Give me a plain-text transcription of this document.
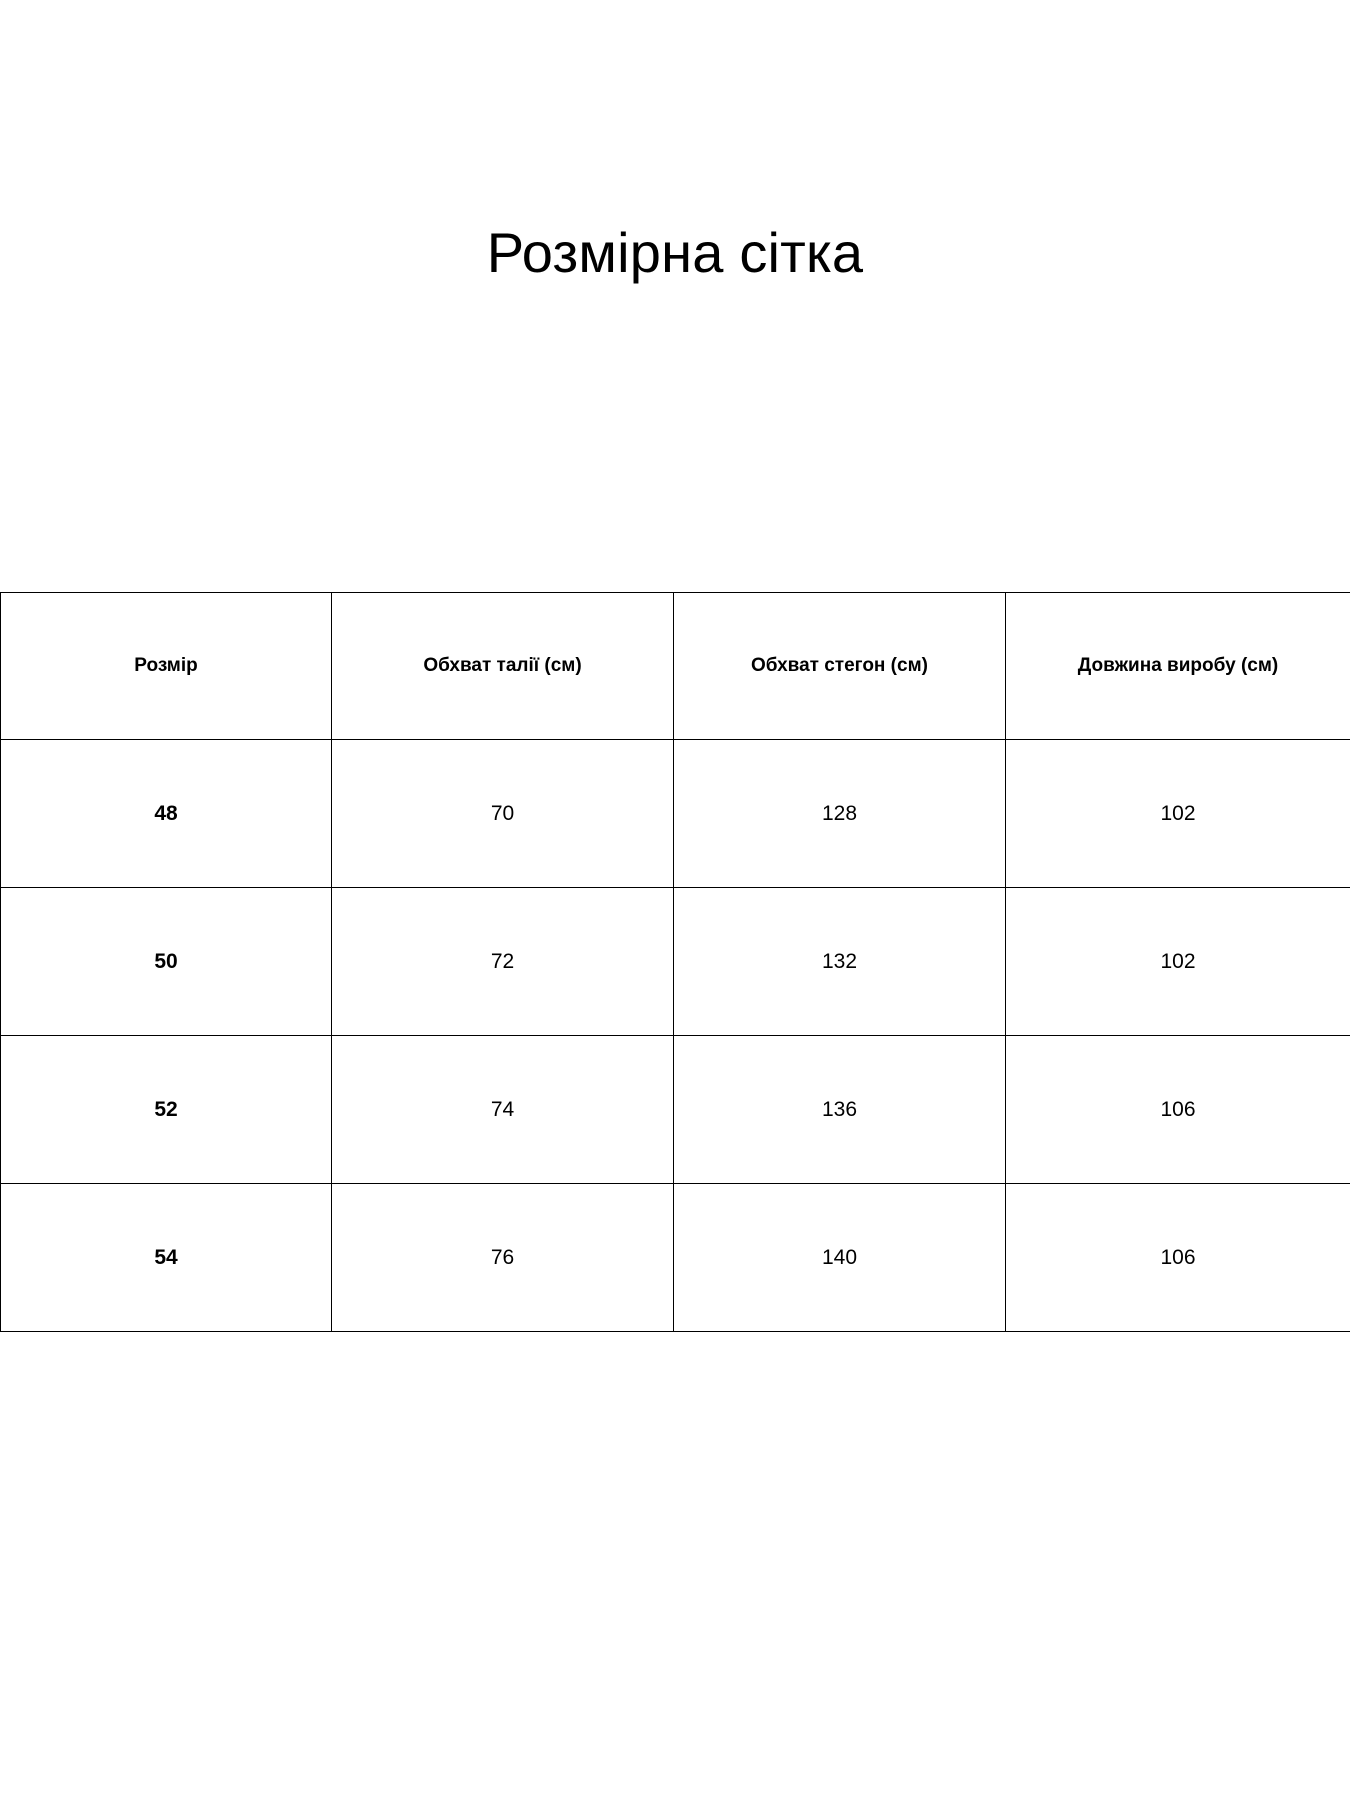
Розмірна сітка
Розмір	Обхват талії (см)	Обхват стегон (см)	Довжина виробу (см)
48	70	128	102
50	72	132	102
52	74	136	106
54	76	140	106
